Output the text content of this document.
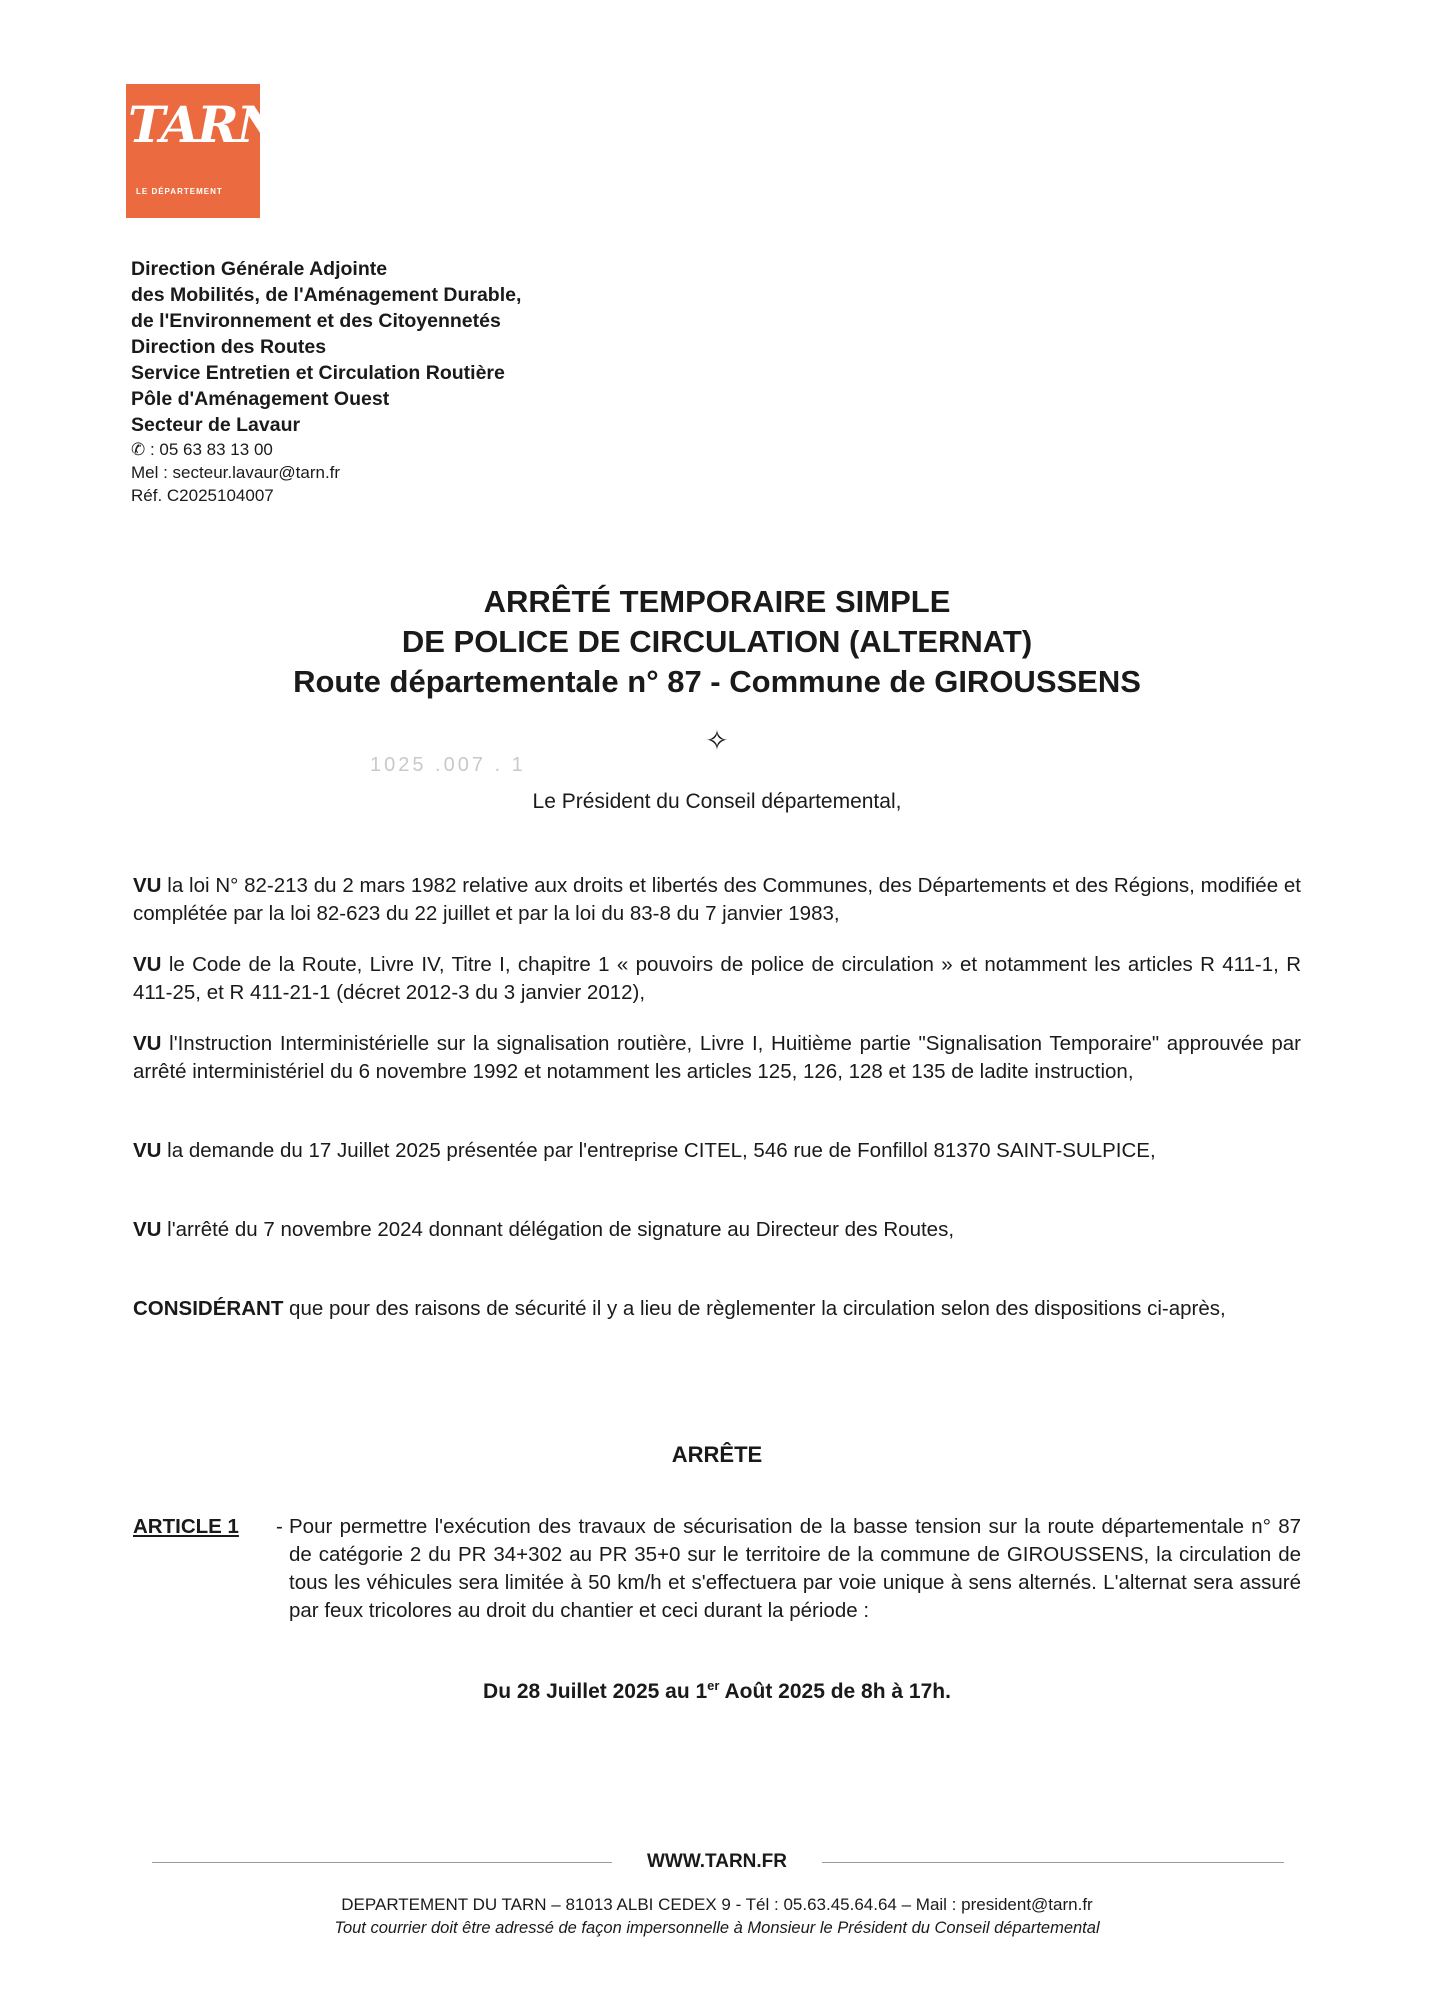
TARN
LE DÉPARTEMENT
Direction Générale Adjointe
des Mobilités, de l'Aménagement Durable,
de l'Environnement et des Citoyennetés
Direction des Routes
Service Entretien et Circulation Routière
Pôle d'Aménagement Ouest
Secteur de Lavaur
✆ : 05 63 83 13 00
Mel : secteur.lavaur@tarn.fr
Réf. C2025104007
ARRÊTÉ TEMPORAIRE SIMPLE
DE POLICE DE CIRCULATION (ALTERNAT)
Route départementale n° 87 - Commune de GIROUSSENS
✧
1025 .007 . 1
Le Président du Conseil départemental,
VU la loi N° 82-213 du 2 mars 1982 relative aux droits et libertés des Communes, des Départements et des Régions, modifiée et complétée par la loi 82-623 du 22 juillet et par la loi du 83-8 du 7 janvier 1983,
VU le Code de la Route, Livre IV, Titre I, chapitre 1 « pouvoirs de police de circulation » et notamment les articles R 411-1, R 411-25, et R 411-21-1 (décret 2012-3 du 3 janvier 2012),
VU l'Instruction Interministérielle sur la signalisation routière, Livre I, Huitième partie "Signalisation Temporaire" approuvée par arrêté interministériel du 6 novembre 1992 et notamment les articles 125, 126, 128 et 135 de ladite instruction,
VU la demande du 17 Juillet 2025 présentée par l'entreprise CITEL, 546 rue de Fonfillol 81370 SAINT-SULPICE,
VU l'arrêté du 7 novembre 2024 donnant délégation de signature au Directeur des Routes,
CONSIDÉRANT que pour des raisons de sécurité il y a lieu de règlementer la circulation selon des dispositions ci-après,
ARRÊTE
ARTICLE 1 - Pour permettre l'exécution des travaux de sécurisation de la basse tension sur la route départementale n° 87 de catégorie 2 du PR 34+302 au PR 35+0 sur le territoire de la commune de GIROUSSENS, la circulation de tous les véhicules sera limitée à 50 km/h et s'effectuera par voie unique à sens alternés. L'alternat sera assuré par feux tricolores au droit du chantier et ceci durant la période :
Du 28 Juillet 2025 au 1er Août 2025 de 8h à 17h.
WWW.TARN.FR
DEPARTEMENT DU TARN – 81013 ALBI CEDEX 9 - Tél : 05.63.45.64.64 – Mail : president@tarn.fr
Tout courrier doit être adressé de façon impersonnelle à Monsieur le Président du Conseil départemental
